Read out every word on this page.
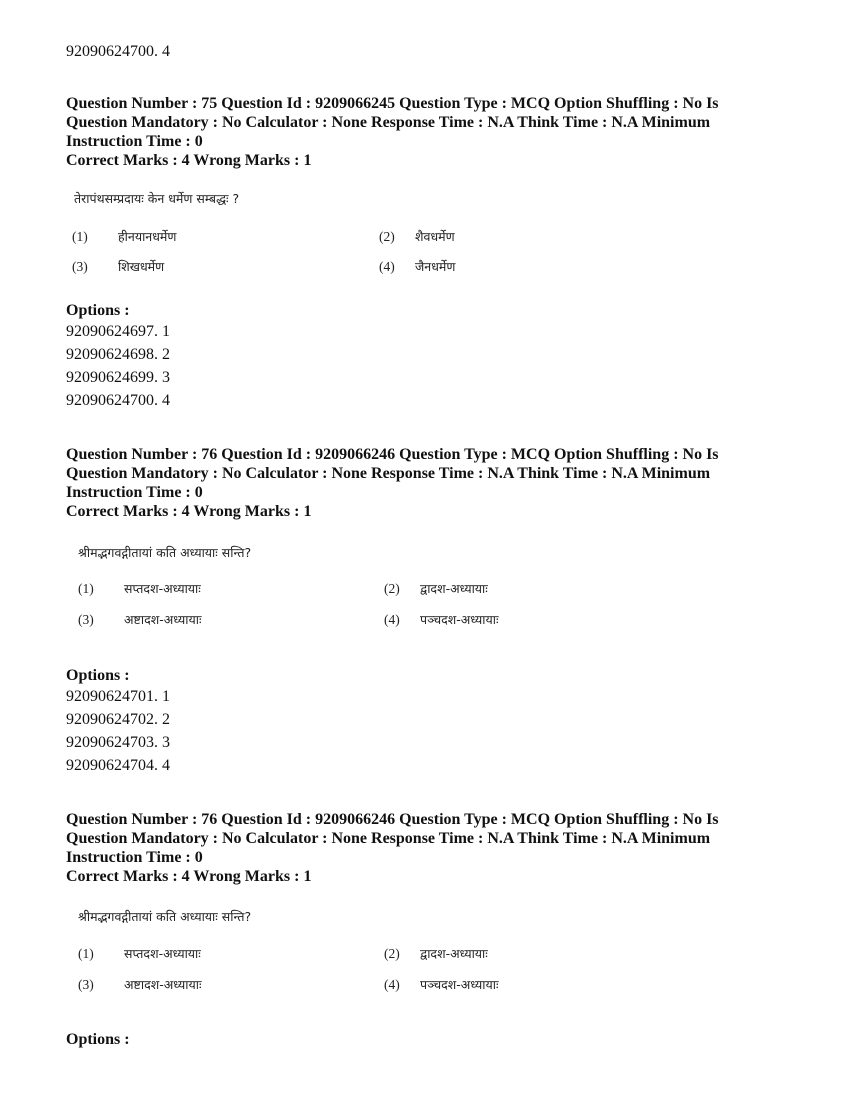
92090624700. 4

Question Number : 75 Question Id : 9209066245 Question Type : MCQ Option Shuffling : No Is

Question Mandatory : No Calculator : None Response Time : N.A Think Time : N.A Minimum

Instruction Time : 0

Correct Marks : 4 Wrong Marks : 1

तेरापंथसम्प्रदायः केन धर्मेण सम्बद्धः ?
(1) हीनयानधर्मेण	(2) शैवधर्मेण
(3) शिखधर्मेण	(4) जैनधर्मेण
Options :
92090624697. 1
92090624698. 2
92090624699. 3
92090624700. 4

Question Number : 76 Question Id : 9209066246 Question Type : MCQ Option Shuffling : No Is

Question Mandatory : No Calculator : None Response Time : N.A Think Time : N.A Minimum

Instruction Time : 0

Correct Marks : 4 Wrong Marks : 1

श्रीमद्भगवद्गीतायां कति अध्यायाः सन्ति?
(1) सप्तदश-अध्यायाः	(2) द्वादश-अध्यायाः
(3) अष्टादश-अध्यायाः	(4) पञ्चदश-अध्यायाः
Options :
92090624701. 1
92090624702. 2
92090624703. 3
92090624704. 4

Question Number : 76 Question Id : 9209066246 Question Type : MCQ Option Shuffling : No Is

Question Mandatory : No Calculator : None Response Time : N.A Think Time : N.A Minimum

Instruction Time : 0

Correct Marks : 4 Wrong Marks : 1

श्रीमद्भगवद्गीतायां कति अध्यायाः सन्ति?
(1) सप्तदश-अध्यायाः	(2) द्वादश-अध्यायाः
(3) अष्टादश-अध्यायाः	(4) पञ्चदश-अध्यायाः
Options :
